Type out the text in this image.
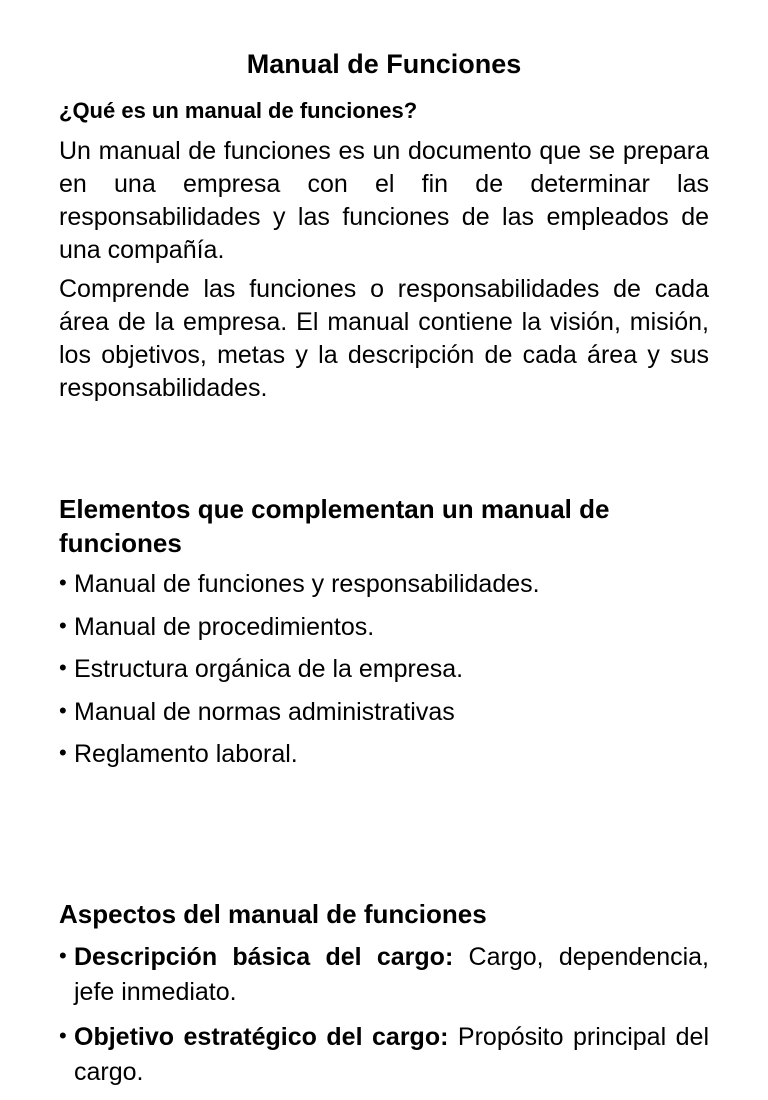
Manual de Funciones
¿Qué es un manual de funciones?
Un manual de funciones es un documento que se prepara en una empresa con el fin de determinar las responsabilidades y las funciones de las empleados de una compañía.
Comprende las funciones o responsabilidades de cada área de la empresa. El manual contiene la visión, misión, los objetivos, metas y la descripción de cada área y sus responsabilidades.
Elementos que complementan un manual de funciones
• Manual de funciones y responsabilidades.
• Manual de procedimientos.
• Estructura orgánica de la empresa.
• Manual de normas administrativas
• Reglamento laboral.
Aspectos del manual de funciones
• Descripción básica del cargo: Cargo, dependencia, jefe inmediato.
• Objetivo estratégico del cargo: Propósito principal del cargo.
